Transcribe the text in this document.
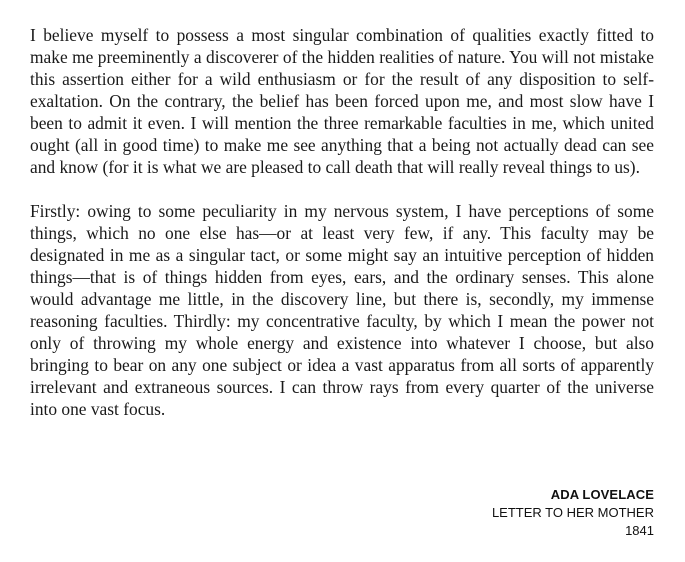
I believe myself to possess a most singular combination of qualities exactly fitted to make me preeminently a discoverer of the hidden realities of nature. You will not mistake this assertion either for a wild enthusiasm or for the result of any disposition to self-exaltation. On the contrary, the belief has been forced upon me, and most slow have I been to admit it even. I will mention the three remarkable faculties in me, which united ought (all in good time) to make me see anything that a being not actually dead can see and know (for it is what we are pleased to call death that will really reveal things to us).

Firstly: owing to some peculiarity in my nervous system, I have perceptions of some things, which no one else has—or at least very few, if any. This faculty may be designated in me as a singular tact, or some might say an intuitive perception of hidden things—that is of things hidden from eyes, ears, and the ordinary senses. This alone would advantage me little, in the discovery line, but there is, secondly, my immense reasoning faculties. Thirdly: my concentrative faculty, by which I mean the power not only of throwing my whole energy and existence into whatever I choose, but also bringing to bear on any one subject or idea a vast apparatus from all sorts of apparently irrelevant and extraneous sources. I can throw rays from every quarter of the universe into one vast focus.

ADA LOVELACE
LETTER TO HER MOTHER
1841
